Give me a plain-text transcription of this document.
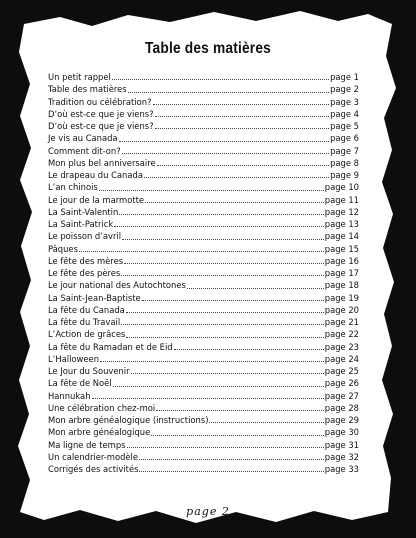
Table des matières
Un petit rappel	page 1
Table des matières	page 2
Tradition ou célébration?	page 3
D’où est-ce que je viens?	page 4
D’où est-ce que je viens?	page 5
Je vis au Canada	page 6
Comment dit-on?	page 7
Mon plus bel anniversaire	page 8
Le drapeau du Canada	page 9
L’an chinois	page 10
Le jour de la marmotte	page 11
La Saint-Valentin	page 12
La Saint-Patrick	page 13
Le poisson d’avril	page 14
Pâques	page 15
Le fête des mères	page 16
Le fête des pères	page 17
Le jour national des Autochtones	page 18
La Saint-Jean-Baptiste	page 19
La fête du Canada	page 20
La fête du Travail	page 21
L’Action de grâces	page 22
La fête du Ramadan et de Eid	page 23
L’Halloween	page 24
Le Jour du Souvenir	page 25
La fête de Noël	page 26
Hannukah	page 27
Une célébration chez-moi	page 28
Mon arbre généalogique (instructions)	page 29
Mon arbre généalogique	page 30
Ma ligne de temps	page 31
Un calendrier-modèle	page 32
Corrigés des activités	page 33
page 2
